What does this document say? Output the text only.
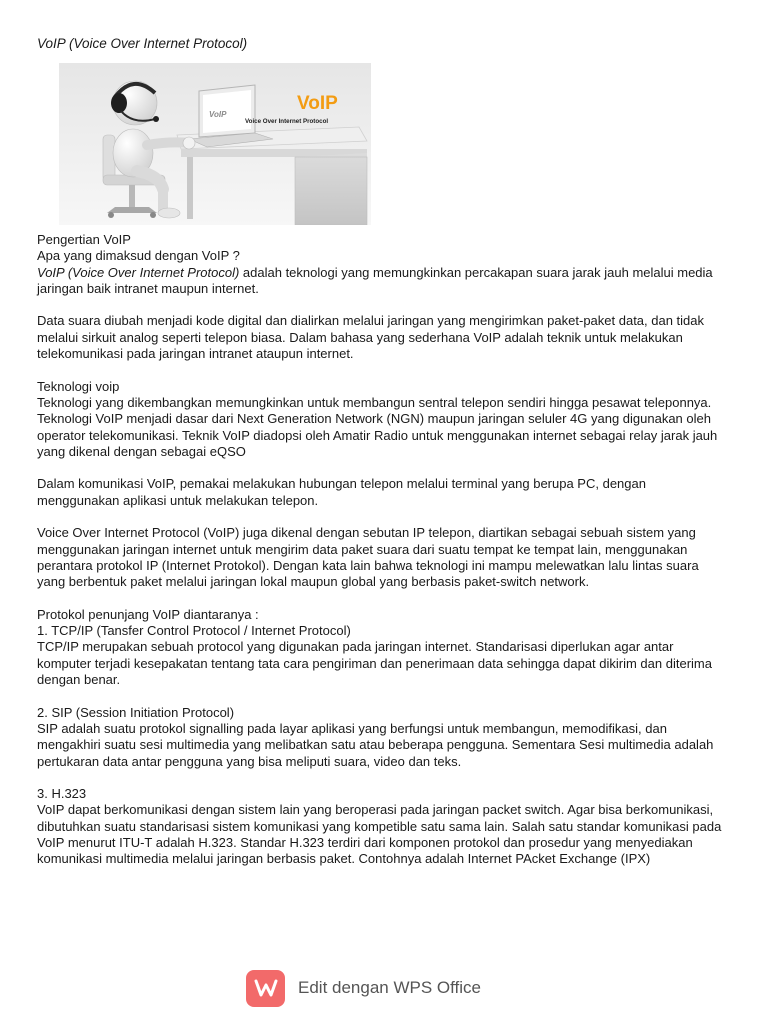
VoIP (Voice Over Internet Protocol)
VoIP
VoIP
Voice Over Internet Protocol

Pengertian VoIP

Apa yang dimaksud dengan VoIP ?

VoIP (Voice Over Internet Protocol) adalah teknologi yang memungkinkan percakapan suara jarak jauh melalui media jaringan baik intranet maupun internet.

Data suara diubah menjadi kode digital dan dialirkan melalui jaringan yang mengirimkan paket-paket data, dan tidak melalui sirkuit analog seperti telepon biasa. Dalam bahasa yang sederhana VoIP adalah teknik untuk melakukan telekomunikasi pada jaringan intranet ataupun internet.

Teknologi voip

Teknologi yang dikembangkan memungkinkan untuk membangun sentral telepon sendiri hingga pesawat teleponnya. Teknologi VoIP menjadi dasar dari Next Generation Network (NGN) maupun jaringan seluler 4G yang digunakan oleh operator telekomunikasi. Teknik VoIP diadopsi oleh Amatir Radio untuk menggunakan internet sebagai relay jarak jauh yang dikenal dengan sebagai eQSO

Dalam komunikasi VoIP, pemakai melakukan hubungan telepon melalui terminal yang berupa PC, dengan menggunakan aplikasi untuk melakukan telepon.

Voice Over Internet Protocol (VoIP) juga dikenal dengan sebutan IP telepon, diartikan sebagai sebuah sistem yang menggunakan jaringan internet untuk mengirim data paket suara dari suatu tempat ke tempat lain, menggunakan perantara protokol IP (Internet Protokol). Dengan kata lain bahwa teknologi ini mampu melewatkan lalu lintas suara yang berbentuk paket melalui jaringan lokal maupun global yang berbasis paket-switch network.

Protokol penunjang VoIP diantaranya :

1. TCP/IP (Tansfer Control Protocol / Internet Protocol)

TCP/IP merupakan sebuah protocol yang digunakan pada jaringan internet. Standarisasi diperlukan agar antar komputer terjadi kesepakatan tentang tata cara pengiriman dan penerimaan data sehingga dapat dikirim dan diterima dengan benar.

2. SIP (Session Initiation Protocol)

SIP adalah suatu protokol signalling pada layar aplikasi yang berfungsi untuk membangun, memodifikasi, dan mengakhiri suatu sesi multimedia yang melibatkan satu atau beberapa pengguna. Sementara Sesi multimedia adalah pertukaran data antar pengguna yang bisa meliputi suara, video dan teks.

3. H.323

VoIP dapat berkomunikasi dengan sistem lain yang beroperasi pada jaringan packet switch. Agar bisa berkomunikasi, dibutuhkan suatu standarisasi sistem komunikasi yang kompetible satu sama lain. Salah satu standar komunikasi pada VoIP menurut ITU-T adalah H.323. Standar H.323 terdiri dari komponen protokol dan prosedur yang menyediakan komunikasi multimedia melalui jaringan berbasis paket. Contohnya adalah Internet PAcket Exchange (IPX)

Edit dengan WPS Office
